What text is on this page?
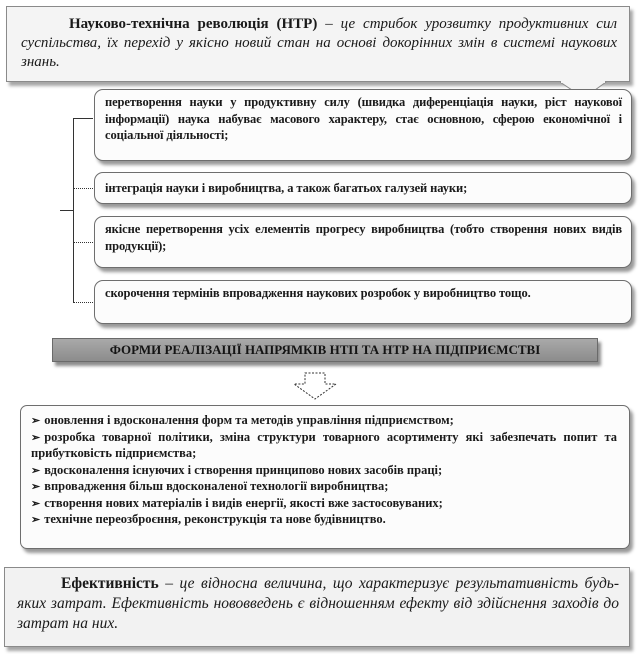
Науково-технічна революція (НТР) – це стрибок урозвитку продуктивних сил суспільства, їх перехід у якісно новий стан на основі докорінних змін в системі наукових знань.
перетворення науки у продуктивну силу (швидка диференціація науки, ріст наукової інформації) наука набуває масового характеру, стає основною, сферою економічної і соціальної діяльності;
інтеграція науки і виробництва, а також багатьох галузей науки;
якісне перетворення усіх елементів прогресу виробництва (тобто створення нових видів продукції);
скорочення термінів впровадження наукових розробок у виробництво тощо.
ФОРМИ РЕАЛІЗАЦІЇ НАПРЯМКІВ НТП ТА НТР НА ПІДПРИЄМСТВІ
➢ оновлення і вдосконалення форм та методів управління підприємством;
➢ розробка товарної політики, зміна структури товарного асортименту які забезпечать попит та прибутковість підприємства;
➢ вдосконалення існуючих і створення принципово нових засобів праці;
➢ впровадження більш вдосконаленої технології виробництва;
➢ створення нових матеріалів і видів енергії, якості вже застосовуваних;
➢ технічне переозброєння, реконструкція та нове будівництво.
Ефективність – це відносна величина, що характеризує результативність будь-яких затрат. Ефективність нововведень є відношенням ефекту від здійснення заходів до затрат на них.
